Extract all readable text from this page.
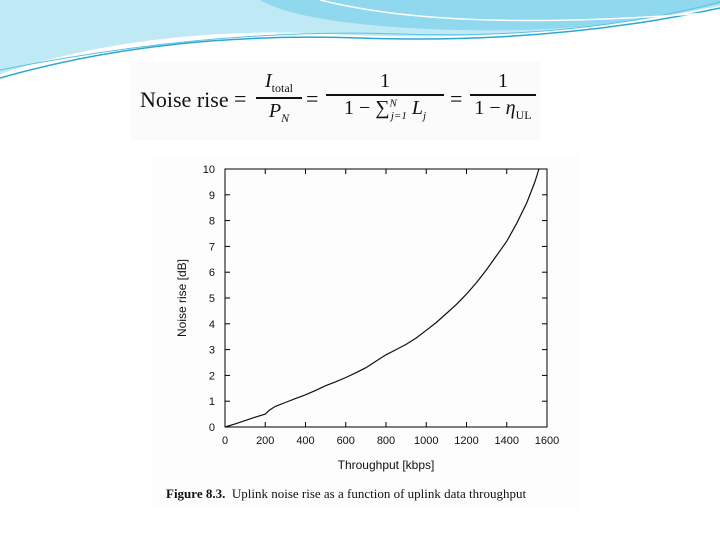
Noise rise =
$I_{total}$
$P_N$
=
1
1 − ∑$^N_{j=1}$ $L_j$
=
1
$1 - \eta_{UL}$
0	200 400 600 800 1000 1200 1400 1600
0
1
2
3
4
5
6
7
8
9
10
Throughput [kbps]
Noise rise [dB]
Figure 8.3. Uplink noise rise as a function of uplink data throughput
